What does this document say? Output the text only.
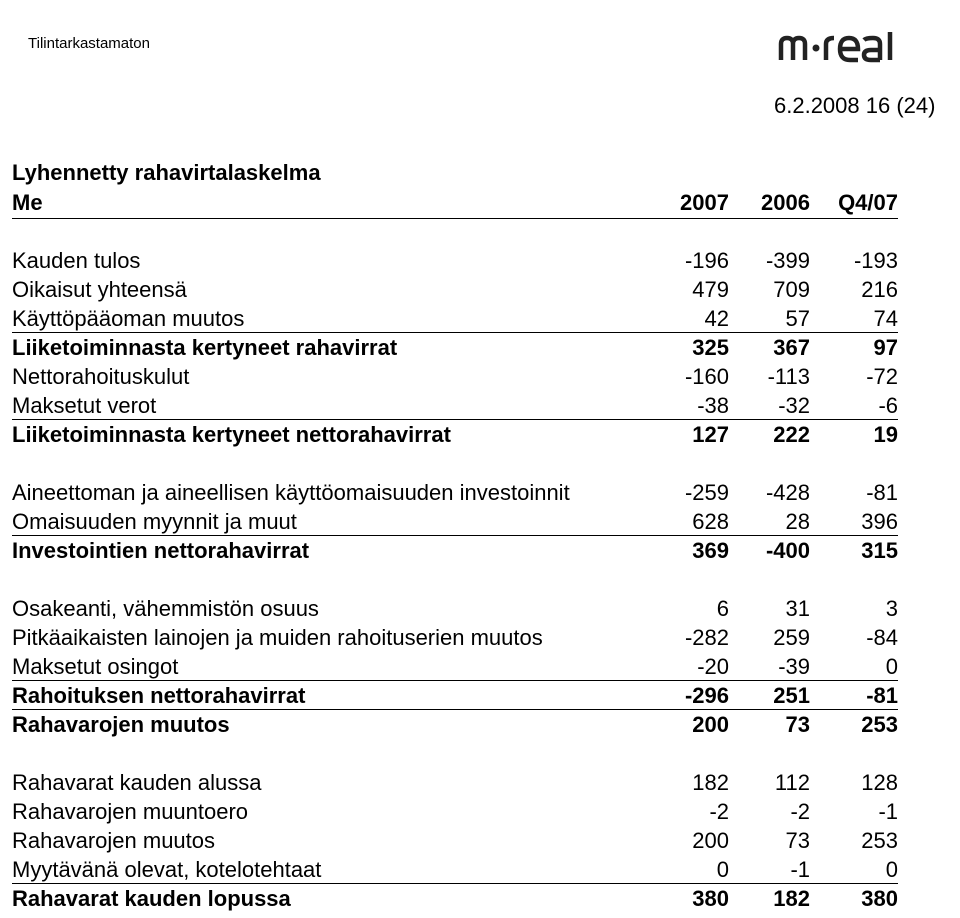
Tilintarkastamaton
6.2.2008 16 (24)
Lyhennetty rahavirtalaskelma
Me	2007	2006	Q4/07
Kauden tulos	-196	-399	-193
Oikaisut yhteensä	479	709	216
Käyttöpääoman muutos	42	57	74
Liiketoiminnasta kertyneet rahavirrat	325	367	97
Nettorahoituskulut	-160	-113	-72
Maksetut verot	-38	-32	-6
Liiketoiminnasta kertyneet nettorahavirrat	127	222	19
Aineettoman ja aineellisen käyttöomaisuuden investoinnit	-259	-428	-81
Omaisuuden myynnit ja muut	628	28	396
Investointien nettorahavirrat	369	-400	315
Osakeanti, vähemmistön osuus	6	31	3
Pitkäaikaisten lainojen ja muiden rahoituserien muutos	-282	259	-84
Maksetut osingot	-20	-39	0
Rahoituksen nettorahavirrat	-296	251	-81
Rahavarojen muutos	200	73	253
Rahavarat kauden alussa	182	112	128
Rahavarojen muuntoero	-2	-2	-1
Rahavarojen muutos	200	73	253
Myytävänä olevat, kotelotehtaat	0	-1	0
Rahavarat kauden lopussa	380	182	380
